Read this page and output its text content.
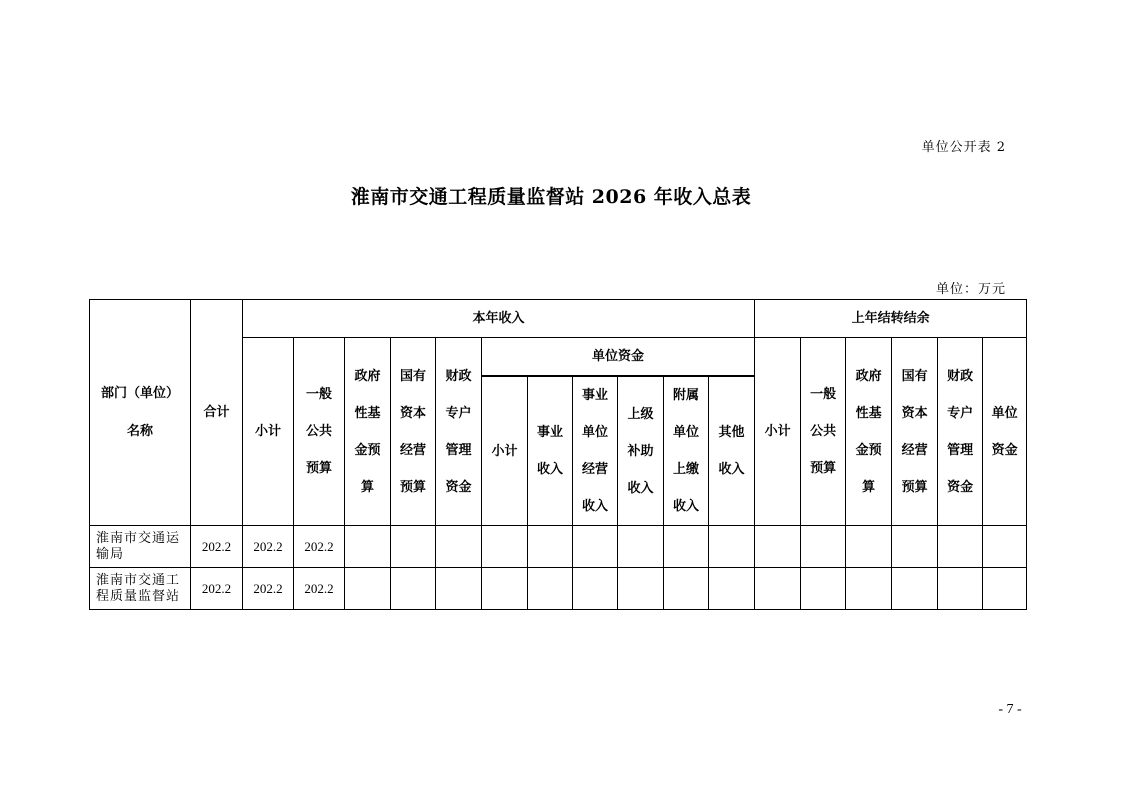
单位公开表 2
淮南市交通工程质量监督站 2026 年收入总表
单位：万元
部门（单位）
名称	合计	本年收入											上年结转结余					
		小计	一般公共预算	政府性基金预算	国有资本经营预算	财政专户管理资金	单位资金						小计	一般公共预算	政府性基金预算	国有资本经营预算	财政专户管理资金	单位资金

							小计	事业收入	事业单位经营收入	上级补助收入	附属单位上缴收入	其他收入						
淮南市交通运输局	202.2	202.2	202.2															
淮南市交通工程质量监督站	202.2	202.2	202.2															
- 7 -
